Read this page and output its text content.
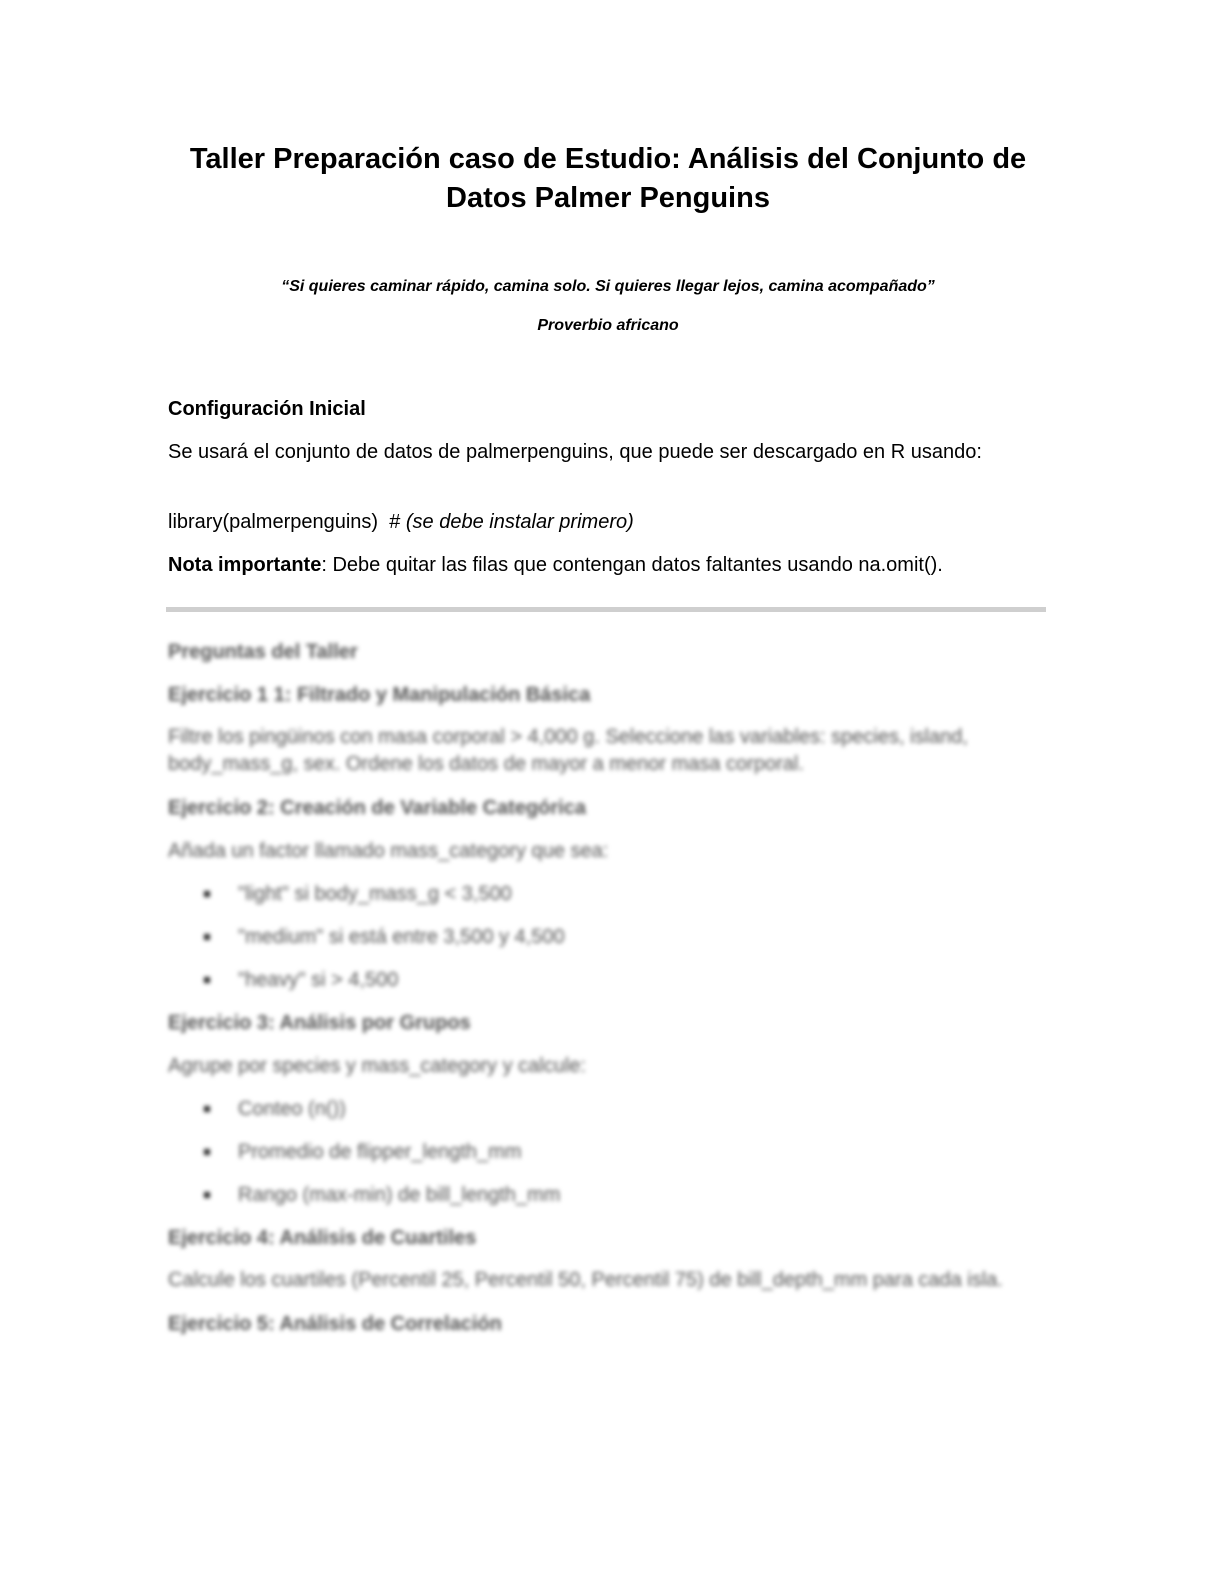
Taller Preparación caso de Estudio: Análisis del Conjunto de Datos Palmer Penguins
“Si quieres caminar rápido, camina solo. Si quieres llegar lejos, camina acompañado”
Proverbio africano
Configuración Inicial
Se usará el conjunto de datos de palmerpenguins, que puede ser descargado en R usando:
library(palmerpenguins)  # (se debe instalar primero)
Nota importante: Debe quitar las filas que contengan datos faltantes usando na.omit().
Preguntas del Taller
Ejercicio 1 1: Filtrado y Manipulación Básica
Filtre los pingüinos con masa corporal > 4,000 g. Seleccione las variables: species, island, body_mass_g, sex. Ordene los datos de mayor a menor masa corporal.
Ejercicio 2: Creación de Variable Categórica
Añada un factor llamado mass_category que sea:
"light" si body_mass_g < 3,500
"medium" si está entre 3,500 y 4,500
"heavy" si > 4,500
Ejercicio 3: Análisis por Grupos
Agrupe por species y mass_category y calcule:
Conteo (n())
Promedio de flipper_length_mm
Rango (max-min) de bill_length_mm
Ejercicio 4: Análisis de Cuartiles
Calcule los cuartiles (Percentil 25, Percentil 50, Percentil 75) de bill_depth_mm para cada isla.
Ejercicio 5: Análisis de Correlación
